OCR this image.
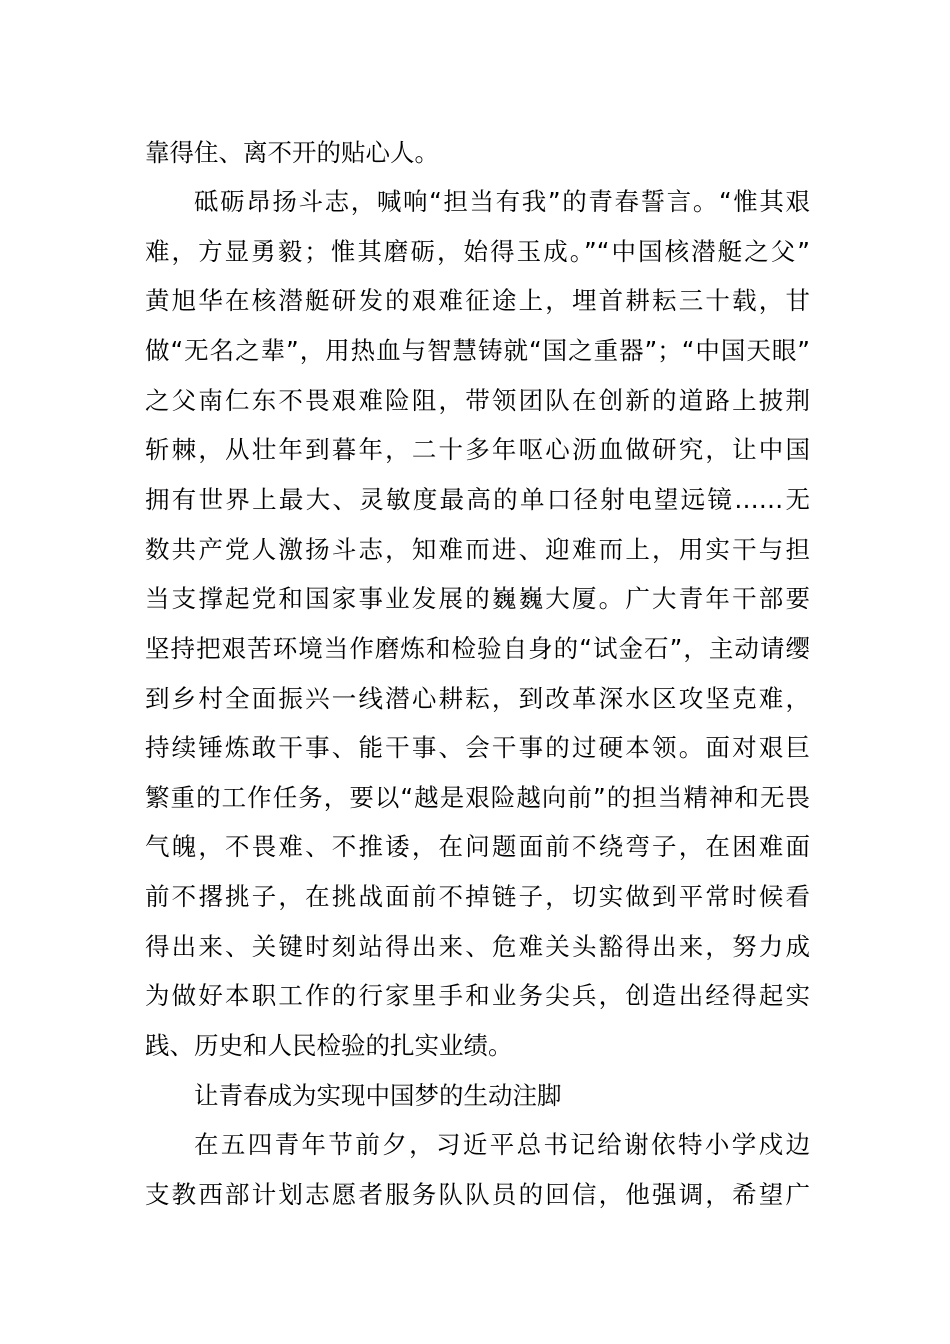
靠得住、离不开的贴心人。
砥砺昂扬斗志，喊响“担当有我”的青春誓言。“惟其艰
难，方显勇毅；惟其磨砺，始得玉成。”“中国核潜艇之父”
黄旭华在核潜艇研发的艰难征途上，埋首耕耘三十载，甘
做“无名之辈”，用热血与智慧铸就“国之重器”；“中国天眼”
之父南仁东不畏艰难险阻，带领团队在创新的道路上披荆
斩棘，从壮年到暮年，二十多年呕心沥血做研究，让中国
拥有世界上最大、灵敏度最高的单口径射电望远镜……无
数共产党人激扬斗志，知难而进、迎难而上，用实干与担
当支撑起党和国家事业发展的巍巍大厦。广大青年干部要
坚持把艰苦环境当作磨炼和检验自身的“试金石”，主动请缨
到乡村全面振兴一线潜心耕耘，到改革深水区攻坚克难，
持续锤炼敢干事、能干事、会干事的过硬本领。面对艰巨
繁重的工作任务，要以“越是艰险越向前”的担当精神和无畏
气魄，不畏难、不推诿，在问题面前不绕弯子，在困难面
前不撂挑子，在挑战面前不掉链子，切实做到平常时候看
得出来、关键时刻站得出来、危难关头豁得出来，努力成
为做好本职工作的行家里手和业务尖兵，创造出经得起实
践、历史和人民检验的扎实业绩。
让青春成为实现中国梦的生动注脚
在五四青年节前夕，习近平总书记给谢依特小学戍边
支教西部计划志愿者服务队队员的回信，他强调，希望广
